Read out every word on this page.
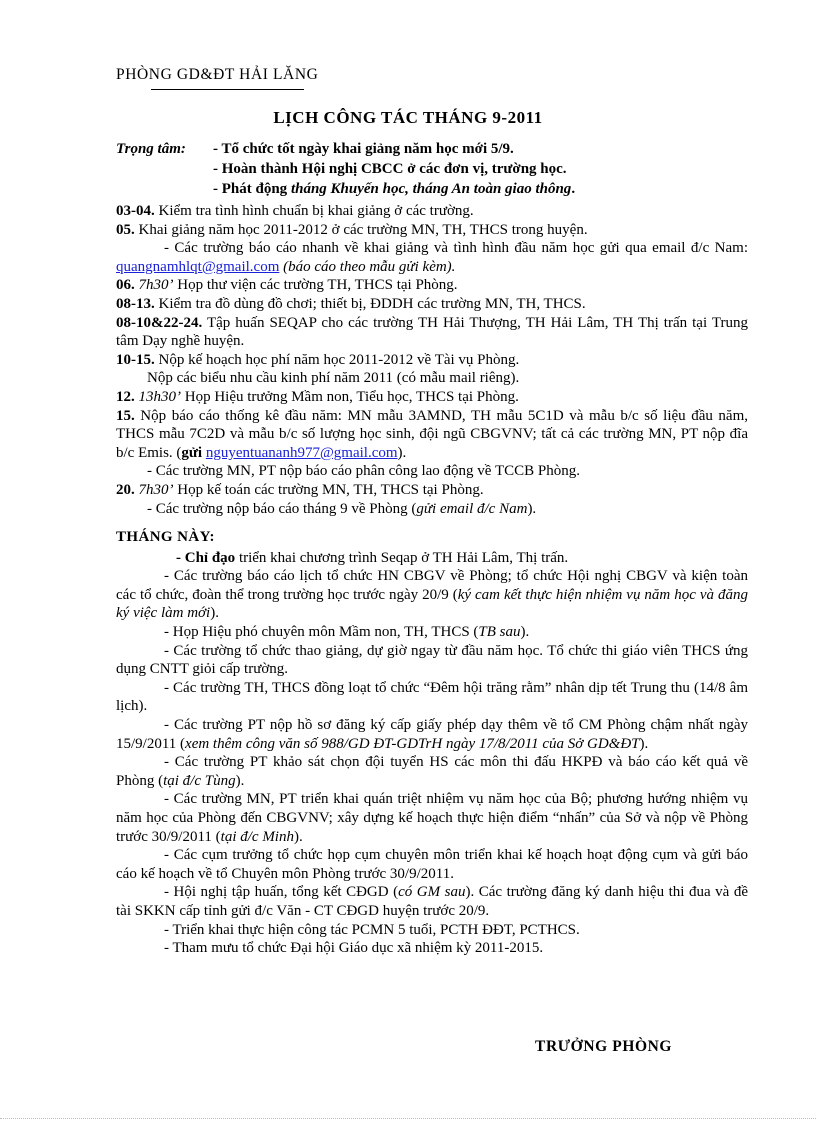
PHÒNG GD&ĐT HẢI LĂNG
LỊCH CÔNG TÁC THÁNG 9-2011
Trọng tâm: - Tổ chức tốt ngày khai giảng năm học mới 5/9.
- Hoàn thành Hội nghị CBCC ở các đơn vị, trường học.
- Phát động tháng Khuyến học, tháng An toàn giao thông.

03-04. Kiểm tra tình hình chuẩn bị khai giảng ở các trường.

05. Khai giảng năm học 2011-2012 ở các trường MN, TH, THCS trong huyện.

- Các trường báo cáo nhanh về khai giảng và tình hình đầu năm học gửi qua email đ/c Nam: quangnamhlqt@gmail.com (báo cáo theo mẫu gửi kèm).

06. 7h30’ Họp thư viện các trường TH, THCS tại Phòng.

08-13. Kiểm tra đồ dùng đồ chơi; thiết bị, ĐDDH các trường MN, TH, THCS.

08-10&22-24. Tập huấn SEQAP cho các trường TH Hải Thượng, TH Hải Lâm, TH Thị trấn tại Trung tâm Dạy nghề huyện.

10-15. Nộp kế hoạch học phí năm học 2011-2012 về Tài vụ Phòng.

Nộp các biểu nhu cầu kinh phí năm 2011 (có mẫu mail riêng).

12. 13h30’ Họp Hiệu trưởng Mầm non, Tiểu học, THCS tại Phòng.

15. Nộp báo cáo thống kê đầu năm: MN mẫu 3AMND, TH mẫu 5C1D và mẫu b/c số liệu đầu năm, THCS mẫu 7C2D và mẫu b/c số lượng học sinh, đội ngũ CBGVNV; tất cả các trường MN, PT nộp đĩa b/c Emis. (gửi nguyentuananh977@gmail.com).

- Các trường MN, PT nộp báo cáo phân công lao động về TCCB Phòng.

20. 7h30’ Họp kế toán các trường MN, TH, THCS tại Phòng.

- Các trường nộp báo cáo tháng 9 về Phòng (gửi email đ/c Nam).

THÁNG NÀY:

- Chỉ đạo triển khai chương trình Seqap ở TH Hải Lâm, Thị trấn.

- Các trường báo cáo lịch tổ chức HN CBGV về Phòng; tổ chức Hội nghị CBGV và kiện toàn các tổ chức, đoàn thể trong trường học trước ngày 20/9 (ký cam kết thực hiện nhiệm vụ năm học và đăng ký việc làm mới).

- Họp Hiệu phó chuyên môn Mầm non, TH, THCS (TB sau).

- Các trường tổ chức thao giảng, dự giờ ngay từ đầu năm học. Tổ chức thi giáo viên THCS ứng dụng CNTT giỏi cấp trường.

- Các trường TH, THCS đồng loạt tổ chức “Đêm hội trăng rằm” nhân dịp tết Trung thu (14/8 âm lịch).

- Các trường PT nộp hồ sơ đăng ký cấp giấy phép dạy thêm về tổ CM Phòng chậm nhất ngày 15/9/2011 (xem thêm công văn số 988/GD ĐT-GDTrH ngày 17/8/2011 của Sở GD&ĐT).

- Các trường PT khảo sát chọn đội tuyển HS các môn thi đấu HKPĐ và báo cáo kết quả về Phòng (tại đ/c Tùng).

- Các trường MN, PT triển khai quán triệt nhiệm vụ năm học của Bộ; phương hướng nhiệm vụ năm học của Phòng đến CBGVNV; xây dựng kế hoạch thực hiện điểm “nhấn” của Sở và nộp về Phòng trước 30/9/2011 (tại đ/c Minh).

- Các cụm trưởng tổ chức họp cụm chuyên môn triển khai kế hoạch hoạt động cụm và gửi báo cáo kế hoạch về tổ Chuyên môn Phòng trước 30/9/2011.

- Hội nghị tập huấn, tổng kết CĐGD (có GM sau). Các trường đăng ký danh hiệu thi đua và đề tài SKKN cấp tỉnh gửi đ/c Văn - CT CĐGD huyện trước 20/9.

- Triển khai thực hiện công tác PCMN 5 tuổi, PCTH ĐĐT, PCTHCS.

- Tham mưu tổ chức Đại hội Giáo dục xã nhiệm kỳ 2011-2015.

TRƯỞNG PHÒNG
